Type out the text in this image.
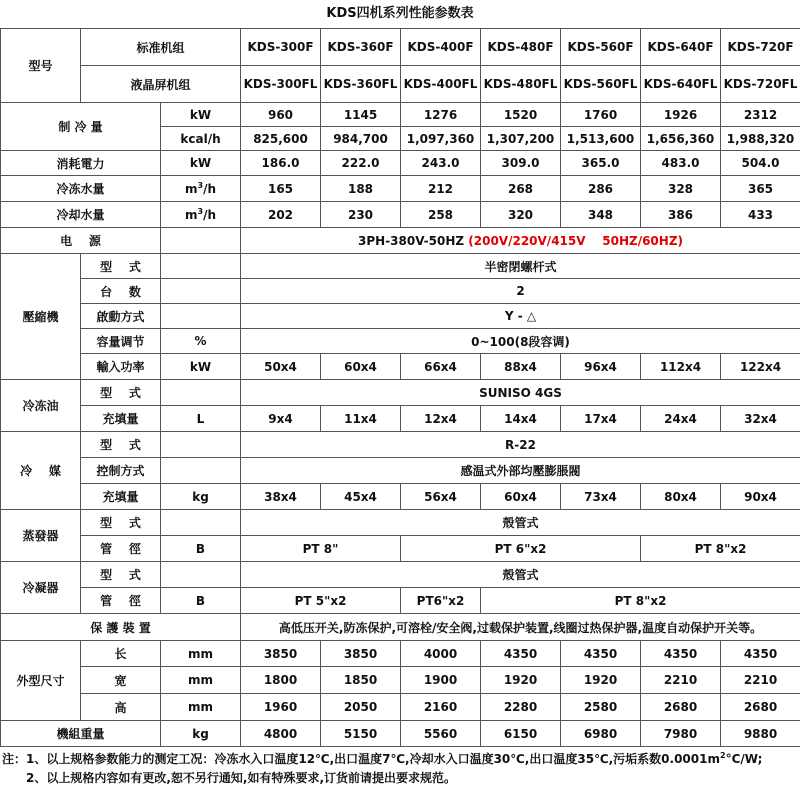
KDS四机系列性能参数表
型号	标准机组		KDS-300F	KDS-360F	KDS-400F	KDS-480F	KDS-560F	KDS-640F	KDS-720F
	液晶屏机组		KDS-300FL	KDS-360FL	KDS-400FL	KDS-480FL	KDS-560FL	KDS-640FL	KDS-720FL
制 冷 量		kW	960	1145	1276	1520	1760	1926	2312
		kcal/h	825,600	984,700	1,097,360	1,307,200	1,513,600	1,656,360	1,988,320
消耗電力		kW	186.0	222.0	243.0	309.0	365.0	483.0	504.0
冷冻水量		$m^3/h$	165	188	212	268	286	328	365
冷却水量		$m^3/h$	202	230	258	320	348	386	433
电    源			3PH-380V-50HZ (200V/220V/415V 50HZ/60HZ)						
壓縮機	型    式		半密閉螺杆式						
	台    数		2						
	啟動方式		Y - △						
	容量调节	%	0~100(8段容调)						
	輸入功率	kW	50x4	60x4	66x4	88x4	96x4	112x4	122x4
冷冻油	型    式		SUNISO 4GS						
	充填量	L	9x4	11x4	12x4	14x4	17x4	24x4	32x4
冷    媒	型    式		R-22						
	控制方式		感温式外部均壓膨脹閥						
	充填量	kg	38x4	45x4	56x4	60x4	73x4	80x4	90x4
蒸發器	型    式		殼管式						
	管    徑	B	PT 8"		PT 6"x2			PT 8"x2	
冷凝器	型    式		殼管式						
	管    徑	B	PT 5"x2		PT6"x2	PT 8"x2			
保 護 裝 置			高低压开关,防冻保护,可溶栓/安全阀,过载保护装置,线圈过热保护器,温度自动保护开关等。						
外型尺寸	长	mm	3850	3850	4000	4350	4350	4350	4350
	宽	mm	1800	1850	1900	1920	1920	2210	2210
	高	mm	1960	2050	2160	2280	2580	2680	2680
機組重量		kg	4800	5150	5560	6150	6980	7980	9880
注：1、以上规格参数能力的测定工况：冷冻水入口温度12℃,出口温度7℃,冷却水入口温度30℃,出口温度35℃,污垢系数$0.0001m^2^\circ C/W$;
2、以上规格内容如有更改,恕不另行通知,如有特殊要求,订货前请提出要求规范。
